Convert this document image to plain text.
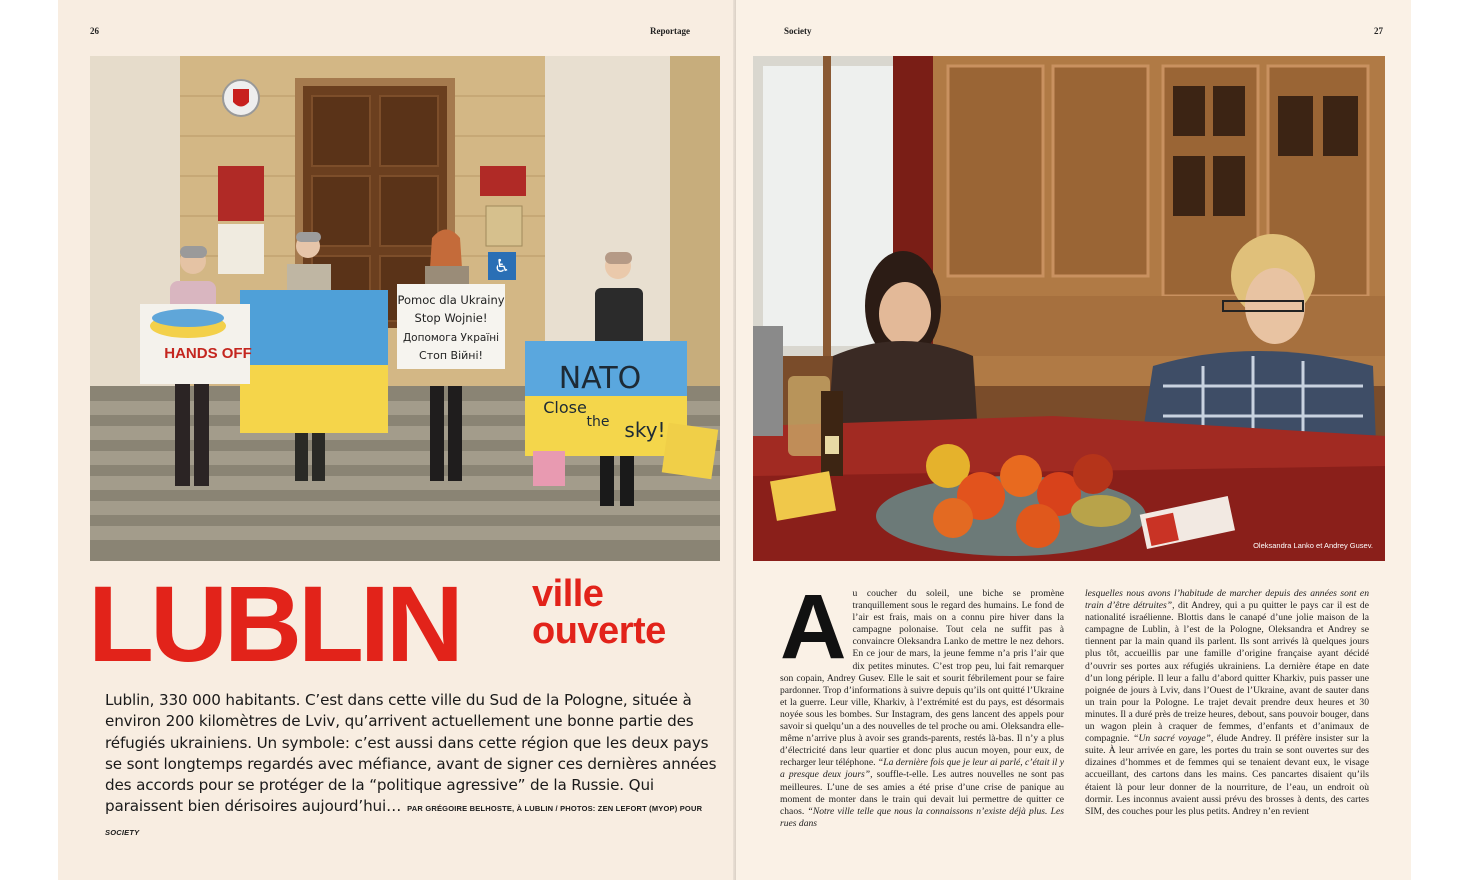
26	Reportage
♿
HANDS OFF
Pomoc dla Ukrainy
Stop Wojnie!
Допомога Україні
Стоп Війні!
NATO
Close
the sky!
LUBLIN ville
ouverte
Lublin, 330 000 habitants. C’est dans cette ville du Sud de la Pologne, située à environ 200 kilomètres de Lviv, qu’arrivent actuellement une bonne partie des réfugiés ukrainiens. Un symbole: c’est aussi dans cette région que les deux pays se sont longtemps regardés avec méfiance, avant de signer ces dernières années des accords pour se protéger de la “politique agressive” de la Russie. Qui paraissent bien dérisoires aujourd’hui… PAR GRÉGOIRE BELHOSTE, À LUBLIN / PHOTOS: ZEN LEFORT (MYOP) POUR SOCIETY
Society	27
Oleksandra Lanko et Andrey Gusev.
A u coucher du soleil, une biche se promène tranquillement sous le regard des humains. Le fond de l’air est frais, mais on a connu pire hiver dans la campagne polonaise. Tout cela ne suffit pas à convaincre Oleksandra Lanko de mettre le nez dehors. En ce jour de mars, la jeune femme n’a pris l’air que dix petites minutes. C’est trop peu, lui fait remarquer son copain, Andrey Gusev. Elle le sait et sourit fébrilement pour se faire pardonner. Trop d’informations à suivre depuis qu’ils ont quitté l’Ukraine et la guerre. Leur ville, Kharkiv, à l’extrémité est du pays, est désormais noyée sous les bombes. Sur Instagram, des gens lancent des appels pour savoir si quelqu’un a des nouvelles de tel proche ou ami. Oleksandra elle-même n’arrive plus à avoir ses grands-parents, restés là-bas. Il n’y a plus d’électricité dans leur quartier et donc plus aucun moyen, pour eux, de recharger leur téléphone. “La dernière fois que je leur ai parlé, c’était il y a presque deux jours”, souffle-t-elle. Les autres nouvelles ne sont pas meilleures. L’une de ses amies a été prise d’une crise de panique au moment de monter dans le train qui devait lui permettre de quitter ce chaos. “Notre ville telle que nous la connaissons n’existe déjà plus. Les rues dans

lesquelles nous avons l’habitude de marcher depuis des années sont en train d’être détruites”, dit Andrey, qui a pu quitter le pays car il est de nationalité israélienne. Blottis dans le canapé d’une jolie maison de la campagne de Lublin, à l’est de la Pologne, Oleksandra et Andrey se tiennent par la main quand ils parlent. Ils sont arrivés là quelques jours plus tôt, accueillis par une famille d’origine française ayant décidé d’ouvrir ses portes aux réfugiés ukrainiens. La dernière étape en date d’un long périple. Il leur a fallu d’abord quitter Kharkiv, puis passer une poignée de jours à Lviv, dans l’Ouest de l’Ukraine, avant de sauter dans un train pour la Pologne. Le trajet devait prendre deux heures et 30 minutes. Il a duré près de treize heures, debout, sans pouvoir bouger, dans un wagon plein à craquer de femmes, d’enfants et d’animaux de compagnie. “Un sacré voyage”, élude Andrey. Il préfère insister sur la suite. À leur arrivée en gare, les portes du train se sont ouvertes sur des dizaines d’hommes et de femmes qui se tenaient devant eux, le visage accueillant, des cartons dans les mains. Ces pancartes disaient qu’ils étaient là pour leur donner de la nourriture, de l’eau, un endroit où dormir. Les inconnus avaient aussi prévu des brosses à dents, des cartes SIM, des couches pour les plus petits. Andrey n’en revient
